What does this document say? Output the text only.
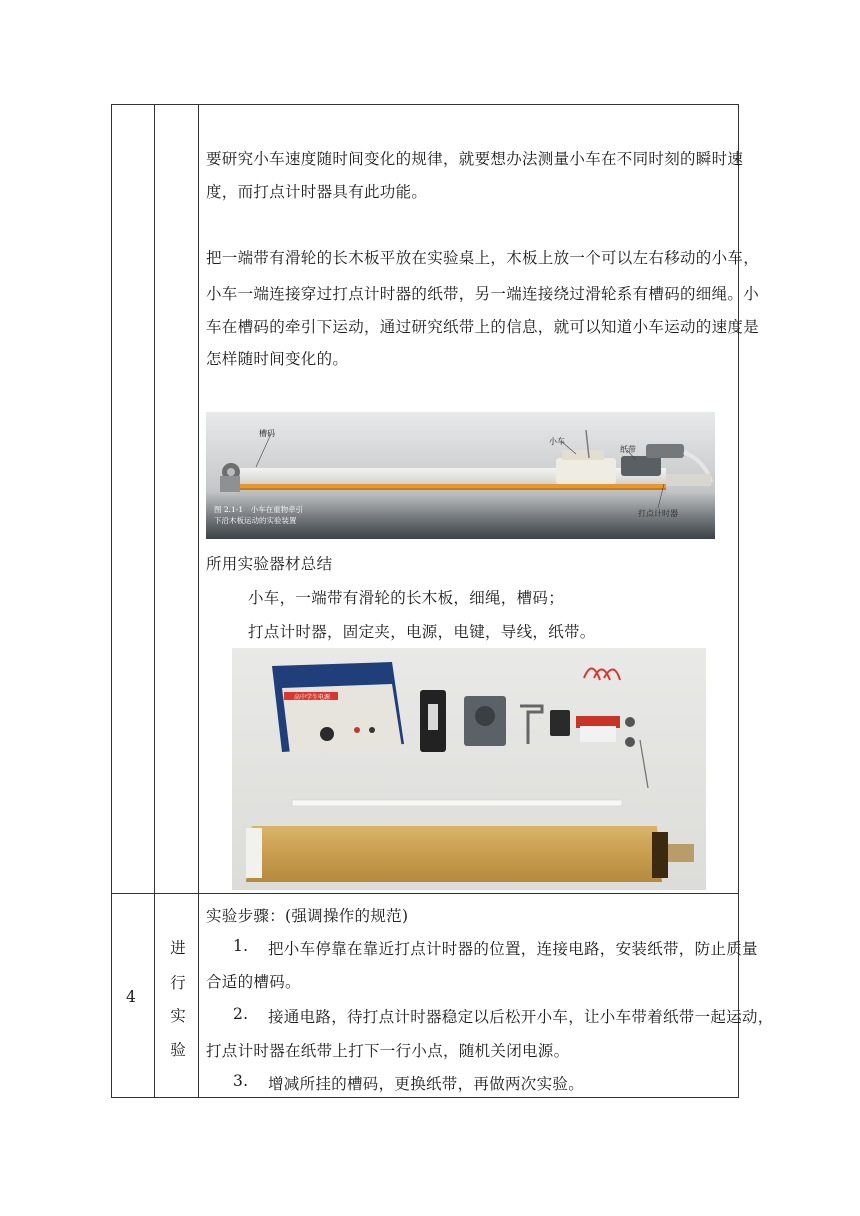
要研究小车速度随时间变化的规律，就要想办法测量小车在不同时刻的瞬时速
度，而打点计时器具有此功能。
把一端带有滑轮的长木板平放在实验桌上，木板上放一个可以左右移动的小车，
小车一端连接穿过打点计时器的纸带，另一端连接绕过滑轮系有槽码的细绳。小
车在槽码的牵引下运动，通过研究纸带上的信息，就可以知道小车运动的速度是
怎样随时间变化的。
槽码
小车
纸带
打点计时器
图 2.1-1　小车在重物牵引
下沿木板运动的实验装置
所用实验器材总结
小车，一端带有滑轮的长木板，细绳，槽码；
打点计时器，固定夹，电源，电键，导线，纸带。
高中学生电源
4
进
行
实
验
实验步骤：(强调操作的规范)
1. 把小车停靠在靠近打点计时器的位置，连接电路，安装纸带，防止质量
合适的槽码。
2. 接通电路，待打点计时器稳定以后松开小车，让小车带着纸带一起运动，
打点计时器在纸带上打下一行小点，随机关闭电源。
3. 增减所挂的槽码，更换纸带，再做两次实验。
